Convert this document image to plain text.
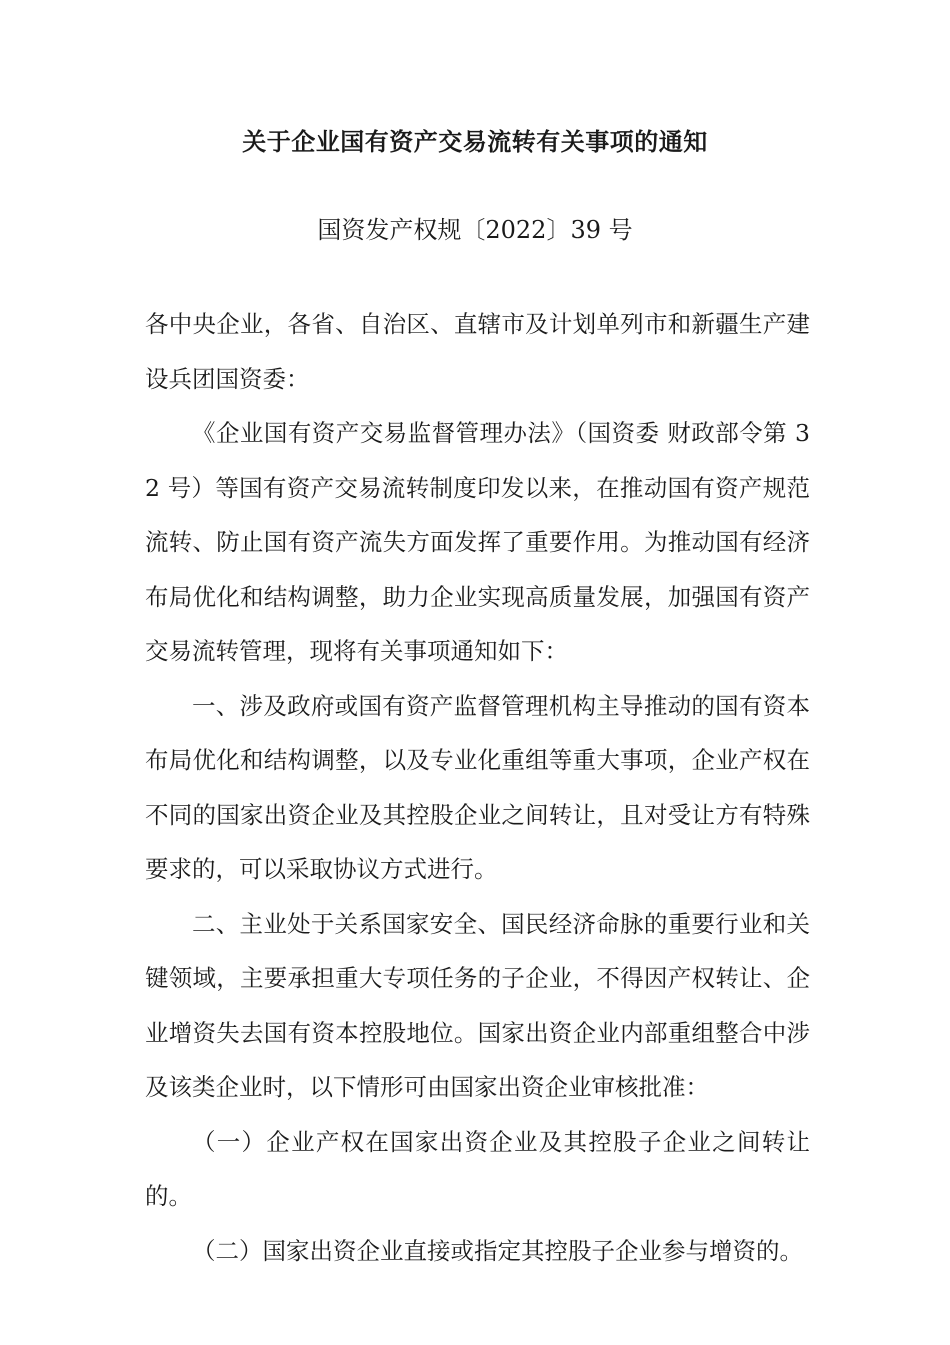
关于企业国有资产交易流转有关事项的通知
国资发产权规〔2022〕39 号

各中央企业，各省、自治区、直辖市及计划单列市和新疆生产建设兵团国资委：

《企业国有资产交易监督管理办法》（国资委 财政部令第 32 号）等国有资产交易流转制度印发以来，在推动国有资产规范流转、防止国有资产流失方面发挥了重要作用。为推动国有经济布局优化和结构调整，助力企业实现高质量发展，加强国有资产交易流转管理，现将有关事项通知如下：

一、涉及政府或国有资产监督管理机构主导推动的国有资本布局优化和结构调整，以及专业化重组等重大事项，企业产权在不同的国家出资企业及其控股企业之间转让，且对受让方有特殊要求的，可以采取协议方式进行。

二、主业处于关系国家安全、国民经济命脉的重要行业和关键领域，主要承担重大专项任务的子企业，不得因产权转让、企业增资失去国有资本控股地位。国家出资企业内部重组整合中涉及该类企业时，以下情形可由国家出资企业审核批准：

（一）企业产权在国家出资企业及其控股子企业之间转让的。

（二）国家出资企业直接或指定其控股子企业参与增资的。
